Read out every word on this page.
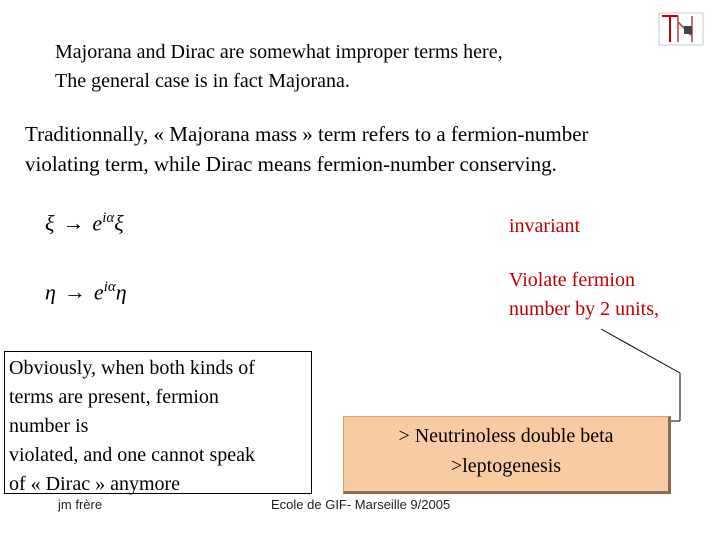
Majorana and Dirac are somewhat improper terms here,
The general case is in fact Majorana.
Traditionnally, « Majorana mass » term refers to a fermion-number
violating term, while Dirac means fermion-number conserving.
$\xi \to e^{i\alpha}\xi$
$\eta \to e^{i\alpha}\eta$
invariant
Violate fermion
number by 2 units,
jm frère	Ecole de GIF- Marseille 9/2005
Obviously, when both kinds of
terms are present, fermion
number is
violated, and one cannot speak
of « Dirac » anymore
> Neutrinoless double beta
>leptogenesis
